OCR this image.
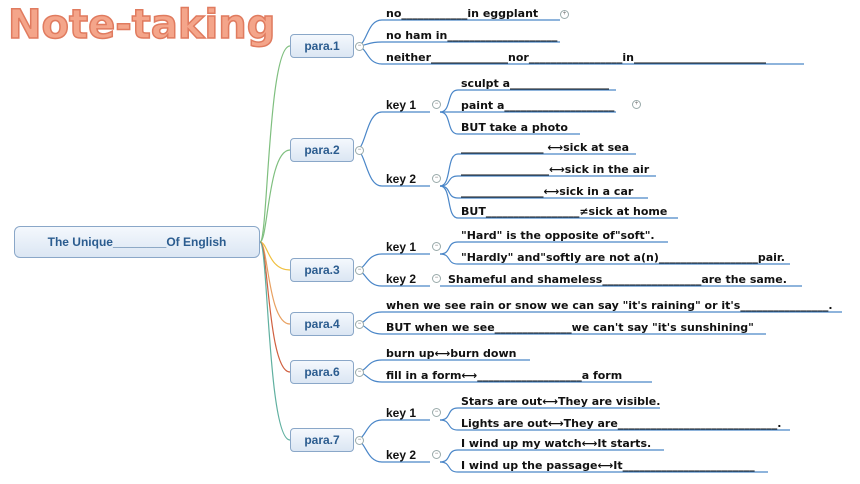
Note-taking
The Unique________Of English
para.1
para.2
para.3
para.4
para.6
para.7
−
−
−
−
−
−
−
−
−
−
−
−
+
+
no____________in eggplant
no ham in____________________
neither______________nor_________________in________________________
key 1
key 2
sculpt a__________________
paint a____________________
BUT take a photo
_______________ ⟷sick at sea
________________⟷sick in the air
_______________⟷sick in a car
BUT_________________≠sick at home
key 1
key 2
"Hard" is the opposite of"soft".
"Hardly" and"softly are not a(n)__________________pair.
Shameful and shameless__________________are the same.
when we see rain or snow we can say "it's raining" or it's________________.
BUT when we see______________we can't say "it's sunshining"
burn up⟷burn down
fill in a form⟷___________________a form
key 1
key 2
Stars are out⟷They are visible.
Lights are out⟷They are_____________________________.
I wind up my watch⟷It starts.
I wind up the passage⟷It________________________
